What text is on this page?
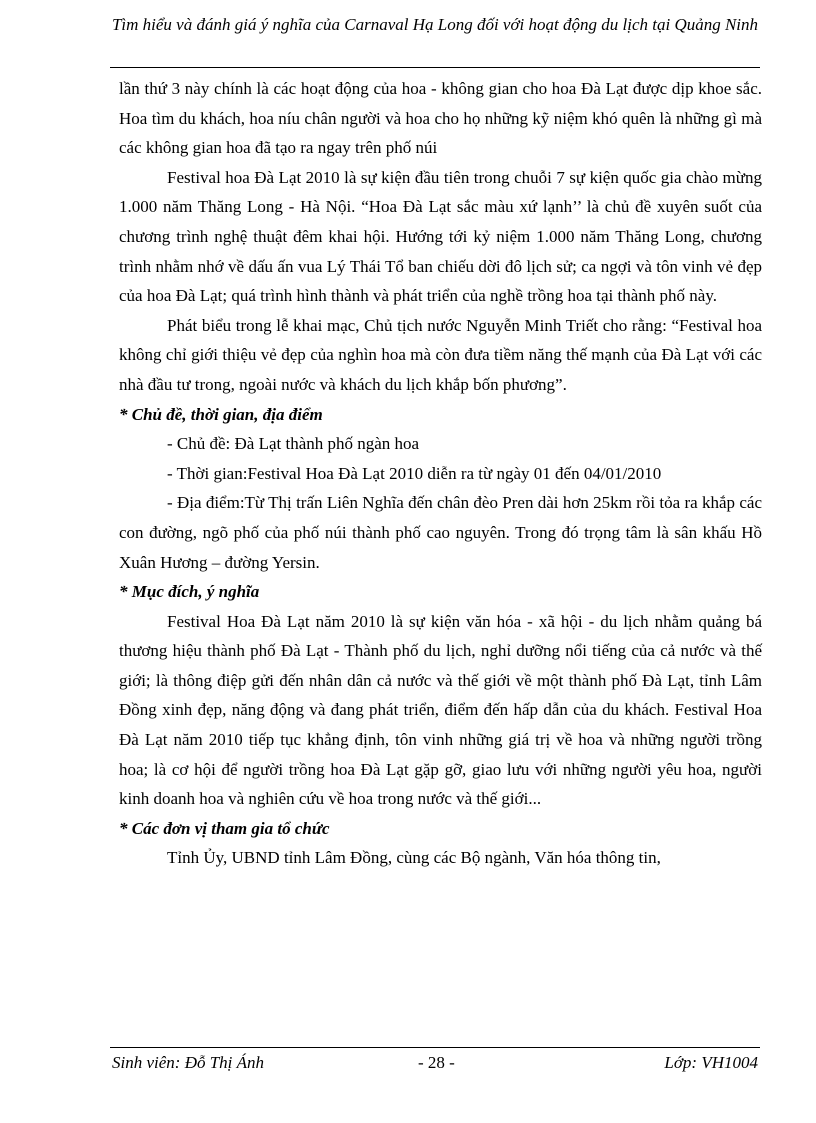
Tìm hiểu và đánh giá ý nghĩa của Carnaval Hạ Long đối với hoạt động du lịch tại Quảng Ninh

lần thứ 3 này chính là các hoạt động của hoa - không gian cho hoa Đà Lạt được dịp khoe sắc. Hoa tìm du khách, hoa níu chân người và hoa cho họ những kỹ niệm khó quên là những gì mà các không gian hoa đã tạo ra ngay trên phố núi

Festival hoa Đà Lạt 2010 là sự kiện đầu tiên trong chuỗi 7 sự kiện quốc gia chào mừng 1.000 năm Thăng Long - Hà Nội. “Hoa Đà Lạt sắc màu xứ lạnh’’ là chủ đề xuyên suốt của chương trình nghệ thuật đêm khai hội. Hướng tới kỷ niệm 1.000 năm Thăng Long, chương trình nhằm nhớ về dấu ấn vua Lý Thái Tổ ban chiếu dời đô lịch sử; ca ngợi và tôn vinh vẻ đẹp của hoa Đà Lạt; quá trình hình thành và phát triển của nghề trồng hoa tại thành phố này.

Phát biểu trong lễ khai mạc, Chủ tịch nước Nguyễn Minh Triết cho rằng: “Festival hoa không chỉ giới thiệu vẻ đẹp của nghìn hoa mà còn đưa tiềm năng thế mạnh của Đà Lạt với các nhà đầu tư trong, ngoài nước và khách du lịch khắp bốn phương”.

* Chủ đề, thời gian, địa điểm

- Chủ đề: Đà Lạt thành phố ngàn hoa

- Thời gian:Festival Hoa Đà Lạt 2010 diễn ra từ ngày 01 đến 04/01/2010

- Địa điểm:Từ Thị trấn Liên Nghĩa đến chân đèo Pren dài hơn 25km rồi tỏa ra khắp các con đường, ngõ phố của phố núi thành phố cao nguyên. Trong đó trọng tâm là sân khấu Hồ Xuân Hương – đường Yersin.

* Mục đích, ý nghĩa

Festival Hoa Đà Lạt năm 2010 là sự kiện văn hóa - xã hội - du lịch nhằm quảng bá thương hiệu thành phố Đà Lạt - Thành phố du lịch, nghỉ dưỡng nổi tiếng của cả nước và thế giới; là thông điệp gửi đến nhân dân cả nước và thế giới về một thành phố Đà Lạt, tỉnh Lâm Đồng xinh đẹp, năng động và đang phát triển, điểm đến hấp dẫn của du khách. Festival Hoa Đà Lạt năm 2010 tiếp tục khẳng định, tôn vinh những giá trị về hoa và những người trồng hoa; là cơ hội để người trồng hoa Đà Lạt gặp gỡ, giao lưu với những người yêu hoa, người kinh doanh hoa và nghiên cứu về hoa trong nước và thế giới...

* Các đơn vị tham gia tổ chức

Tỉnh Ủy, UBND tỉnh Lâm Đồng, cùng các Bộ ngành, Văn hóa thông tin,

Sinh viên: Đỗ Thị Ánh	- 28 -	Lớp: VH1004
